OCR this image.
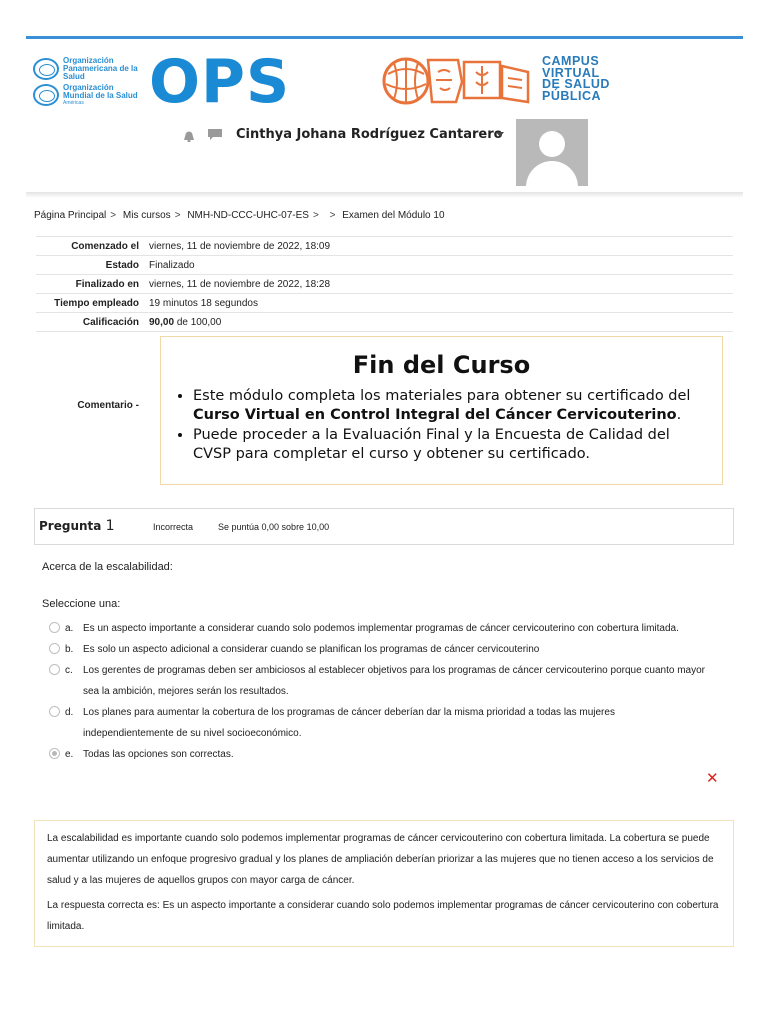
Organización Panamericana de la Salud
Organización Mundial de la Salud
Américas	OPS	CAMPUS
VIRTUAL
DE SALUD
PÚBLICA
Cinthya Johana Rodríguez Cantarero
Página Principal > Mis cursos > NMH-ND-CCC-UHC-07-ES > > Examen del Módulo 10
Comenzado el	viernes, 11 de noviembre de 2022, 18:09
Estado	Finalizado
Finalizado en	viernes, 11 de noviembre de 2022, 18:28
Tiempo empleado	19 minutos 18 segundos
Calificación	90,00 de 100,00
Comentario -
Fin del Curso
• Este módulo completa los materiales para obtener su certificado del Curso Virtual en Control Integral del Cáncer Cervicouterino.
• Puede proceder a la Evaluación Final y la Encuesta de Calidad del CVSP para completar el curso y obtener su certificado.
Pregunta 1	Incorrecta	Se puntúa 0,00 sobre 10,00
Acerca de la escalabilidad:
Seleccione una:
a. Es un aspecto importante a considerar cuando solo podemos implementar programas de cáncer cervicouterino con cobertura limitada.
b. Es solo un aspecto adicional a considerar cuando se planifican los programas de cáncer cervicouterino
c. Los gerentes de programas deben ser ambiciosos al establecer objetivos para los programas de cáncer cervicouterino porque cuanto mayor sea la ambición, mejores serán los resultados.
d. Los planes para aumentar la cobertura de los programas de cáncer deberían dar la misma prioridad a todas las mujeres independientemente de su nivel socioeconómico.
e. Todas las opciones son correctas.
✕

La escalabilidad es importante cuando solo podemos implementar programas de cáncer cervicouterino con cobertura limitada. La cobertura se puede aumentar utilizando un enfoque progresivo gradual y los planes de ampliación deberían priorizar a las mujeres que no tienen acceso a los servicios de salud y a las mujeres de aquellos grupos con mayor carga de cáncer.

La respuesta correcta es: Es un aspecto importante a considerar cuando solo podemos implementar programas de cáncer cervicouterino con cobertura limitada.
